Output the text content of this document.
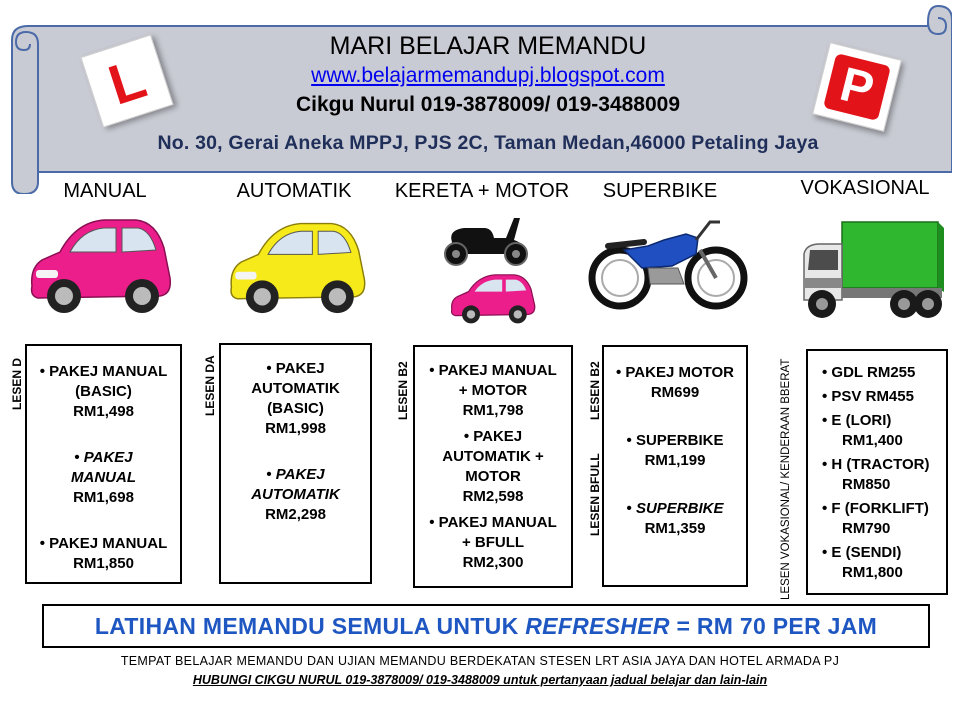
L	P
MARI BELAJAR MEMANDU
www.belajarmemandupj.blogspot.com
Cikgu Nurul 019-3878009/ 019-3488009
No. 30, Gerai Aneka MPPJ, PJS 2C, Taman Medan,46000 Petaling Jaya
MANUAL	AUTOMATIK	KERETA + MOTOR	SUPERBIKE	VOKASIONAL
LESEN D	LESEN DA	LESEN B2	LESEN B2
LESEN BFULL	LESEN VOKASIONAL/ KENDERAAN BBERAT
• PAKEJ MANUAL (BASIC)
RM1,498
• PAKEJ MANUAL
RM1,698
• PAKEJ MANUAL
RM1,850
• PAKEJ AUTOMATIK (BASIC)
RM1,998
• PAKEJ AUTOMATIK
RM2,298
• PAKEJ MANUAL + MOTOR
RM1,798
• PAKEJ AUTOMATIK + MOTOR
RM2,598
• PAKEJ MANUAL + BFULL
RM2,300
• PAKEJ MOTOR
RM699
• SUPERBIKE
RM1,199
• SUPERBIKE
RM1,359
• GDL RM255
• PSV RM455
• E (LORI)
RM1,400
• H (TRACTOR)
RM850
• F (FORKLIFT)
RM790
• E (SENDI)
RM1,800
LATIHAN MEMANDU SEMULA UNTUK REFRESHER = RM 70 PER JAM
TEMPAT BELAJAR MEMANDU DAN UJIAN MEMANDU BERDEKATAN STESEN LRT ASIA JAYA DAN HOTEL ARMADA PJ
HUBUNGI CIKGU NURUL 019-3878009/ 019-3488009 untuk pertanyaan jadual belajar dan lain-lain
